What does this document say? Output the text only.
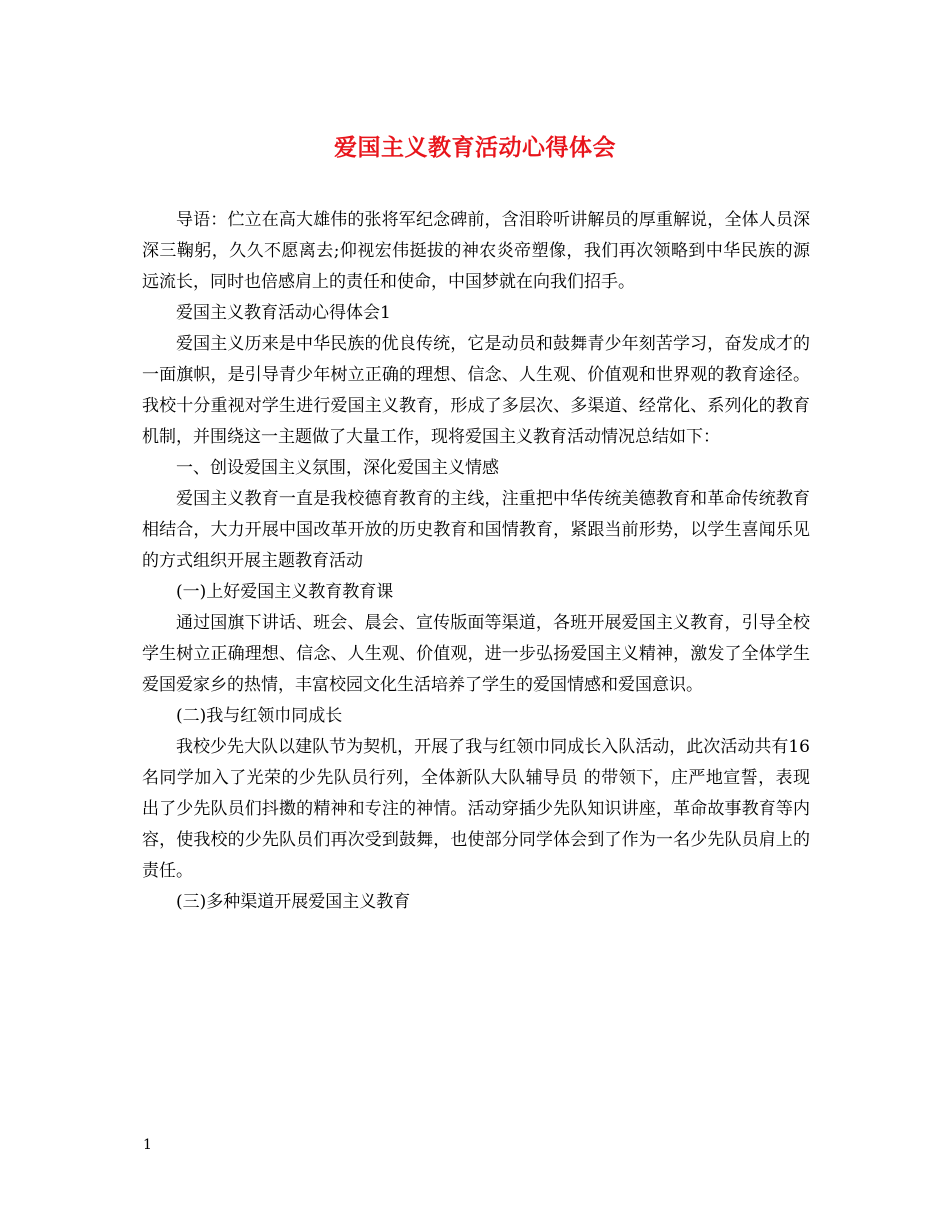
爱国主义教育活动心得体会

导语：伫立在高大雄伟的张将军纪念碑前，含泪聆听讲解员的厚重解说，全体人员深深三鞠躬，久久不愿离去;仰视宏伟挺拔的神农炎帝塑像，我们再次领略到中华民族的源远流长，同时也倍感肩上的责任和使命，中国梦就在向我们招手。

爱国主义教育活动心得体会1

爱国主义历来是中华民族的优良传统，它是动员和鼓舞青少年刻苦学习，奋发成才的一面旗帜，是引导青少年树立正确的理想、信念、人生观、价值观和世界观的教育途径。我校十分重视对学生进行爱国主义教育，形成了多层次、多渠道、经常化、系列化的教育机制，并围绕这一主题做了大量工作，现将爱国主义教育活动情况总结如下：

一、创设爱国主义氛围，深化爱国主义情感

爱国主义教育一直是我校德育教育的主线，注重把中华传统美德教育和革命传统教育相结合，大力开展中国改革开放的历史教育和国情教育，紧跟当前形势，以学生喜闻乐见的方式组织开展主题教育活动

(一)上好爱国主义教育教育课

通过国旗下讲话、班会、晨会、宣传版面等渠道，各班开展爱国主义教育，引导全校学生树立正确理想、信念、人生观、价值观，进一步弘扬爱国主义精神，激发了全体学生爱国爱家乡的热情，丰富校园文化生活培养了学生的爱国情感和爱国意识。

(二)我与红领巾同成长

我校少先大队以建队节为契机，开展了我与红领巾同成长入队活动，此次活动共有16名同学加入了光荣的少先队员行列，全体新队大队辅导员 的带领下，庄严地宣誓，表现出了少先队员们抖擞的精神和专注的神情。活动穿插少先队知识讲座，革命故事教育等内容，使我校的少先队员们再次受到鼓舞，也使部分同学体会到了作为一名少先队员肩上的责任。

(三)多种渠道开展爱国主义教育

1
